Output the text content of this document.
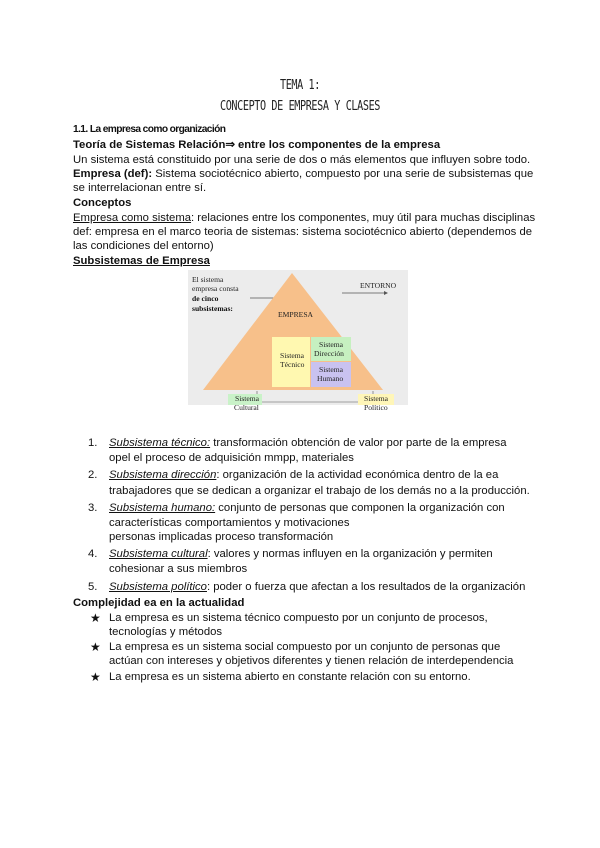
TEMA 1:
CONCEPTO DE EMPRESA Y CLASES
1.1. La empresa como organización
Teoría de Sistemas Relación⇒ entre los componentes de la empresa
Un sistema está constituido por una serie de dos o más elementos que influyen sobre todo.
Empresa (def): Sistema sociotécnico abierto, compuesto por una serie de subsistemas que
se interrelacionan entre sí.
Conceptos
Empresa como sistema: relaciones entre los componentes, muy útil para muchas disciplinas
def: empresa en el marco teoria de sistemas: sistema sociotécnico abierto (dependemos de
las condiciones del entorno)
Subsistemas de Empresa
El sistema
empresa consta
de cinco
subsistemas:
ENTORNO
EMPRESA
Sistema
Técnico
Sistema
Dirección
Sistema
Humano
Sistema
Cultural
Sistema
Político
1. Subsistema técnico: transformación obtención de valor por parte de la empresa
opel el proceso de adquisición mmpp, materiales
2. Subsistema dirección: organización de la actividad económica dentro de la ea
trabajadores que se dedican a organizar el trabajo de los demás no a la producción.
3. Subsistema humano: conjunto de personas que componen la organización con
características comportamientos y motivaciones
personas implicadas proceso transformación
4. Subsistema cultural: valores y normas influyen en la organización y permiten
cohesionar a sus miembros
5. Subsistema político: poder o fuerza que afectan a los resultados de la organización
Complejidad ea en la actualidad
★ La empresa es un sistema técnico compuesto por un conjunto de procesos,
tecnologías y métodos
★ La empresa es un sistema social compuesto por un conjunto de personas que
actúan con intereses y objetivos diferentes y tienen relación de interdependencia
★ La empresa es un sistema abierto en constante relación con su entorno.
